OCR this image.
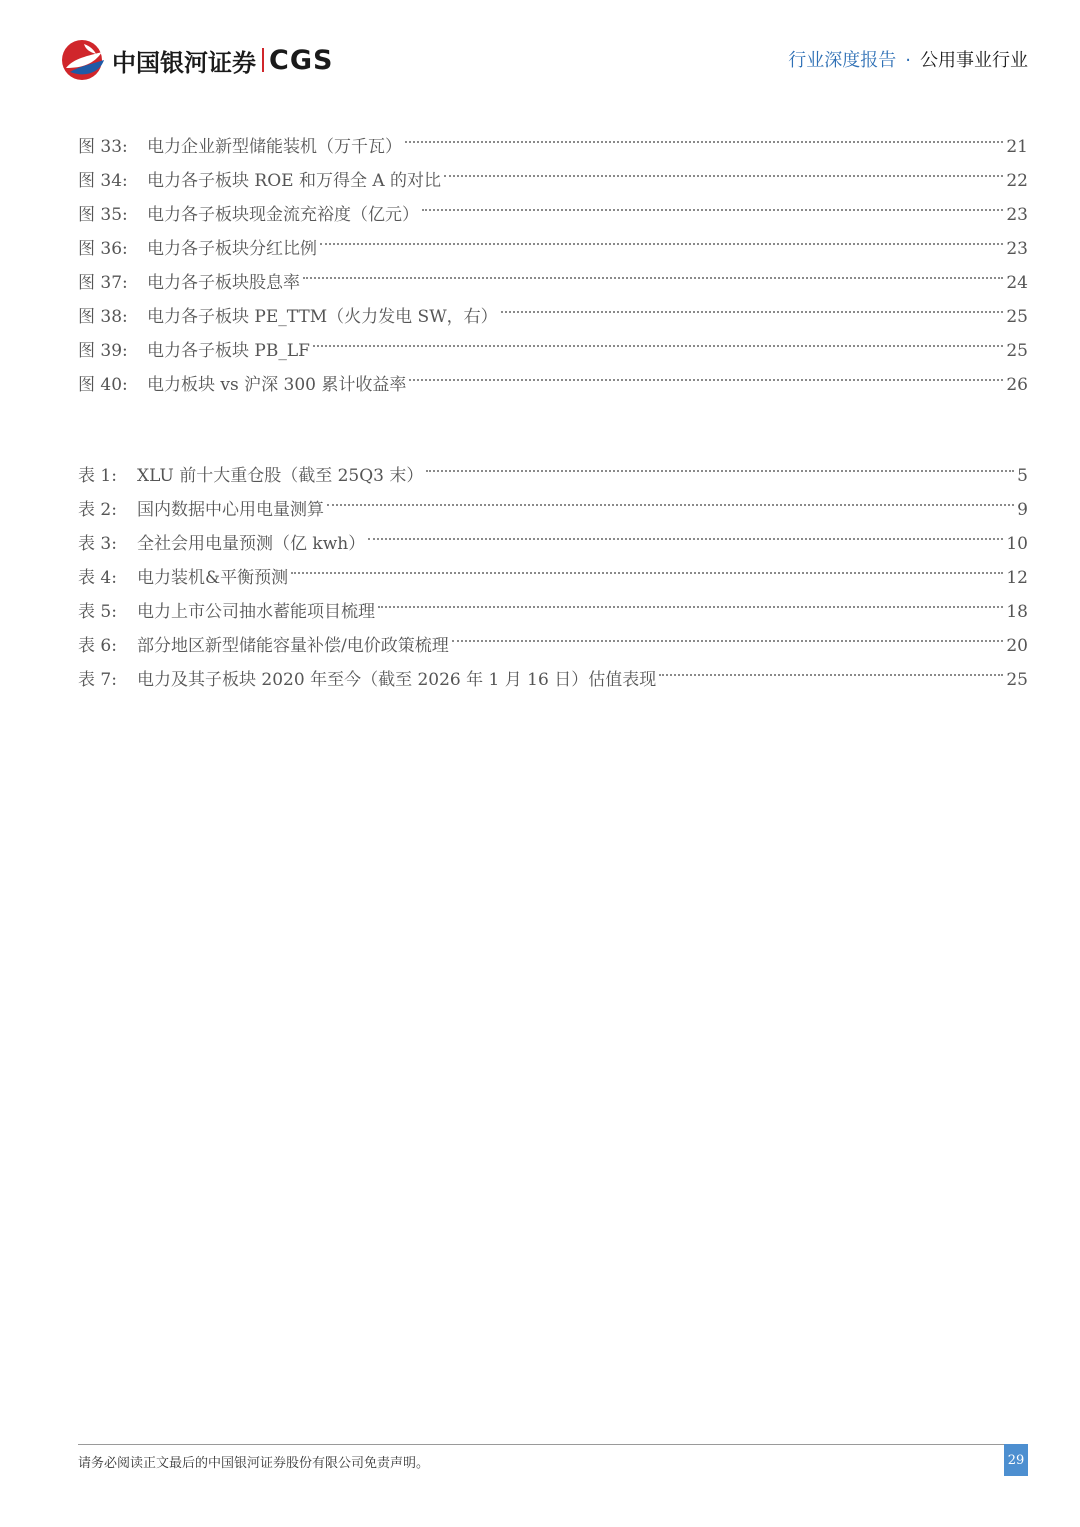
中国银河证券 CGS	行业深度报告 · 公用事业行业
图 33:	电力企业新型储能装机（万千瓦）	21
图 34:	电力各子板块 ROE 和万得全 A 的对比	22
图 35:	电力各子板块现金流充裕度（亿元）	23
图 36:	电力各子板块分红比例	23
图 37:	电力各子板块股息率	24
图 38:	电力各子板块 PE_TTM（火力发电 SW，右）	25
图 39:	电力各子板块 PB_LF	25
图 40:	电力板块 vs 沪深 300 累计收益率	26
表 1:	XLU 前十大重仓股（截至 25Q3 末）	5
表 2:	国内数据中心用电量测算	9
表 3:	全社会用电量预测（亿 kwh）	10
表 4:	电力装机&平衡预测	12
表 5:	电力上市公司抽水蓄能项目梳理	18
表 6:	部分地区新型储能容量补偿/电价政策梳理	20
表 7:	电力及其子板块 2020 年至今（截至 2026 年 1 月 16 日）估值表现	25
请务必阅读正文最后的中国银河证券股份有限公司免责声明。	29
